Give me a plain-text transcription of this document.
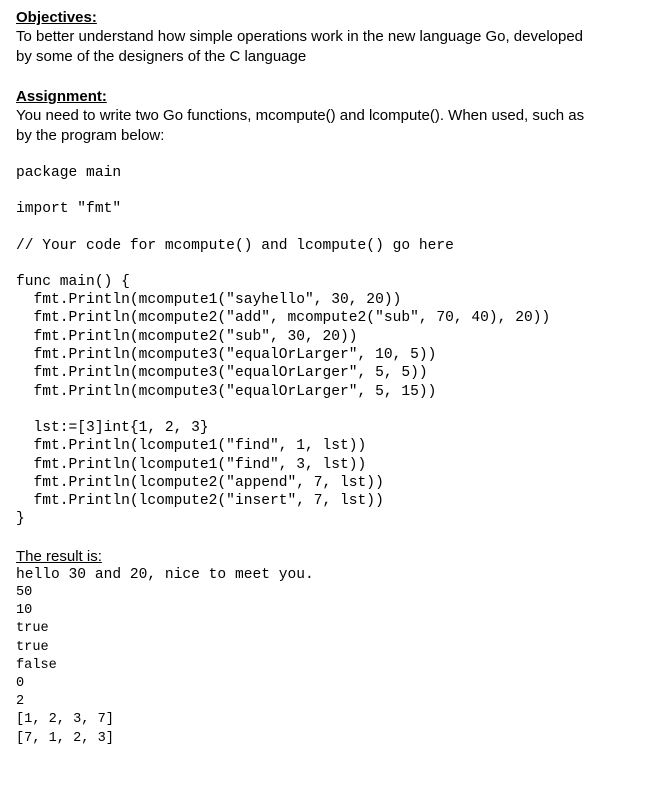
Objectives:

To better understand how simple operations work in the new language Go, developed

by some of the designers of the C language

Assignment:

You need to write two Go functions, mcompute() and lcompute(). When used, such as

by the program below:

package main

import "fmt"

// Your code for mcompute() and lcompute() go here

func main() {

fmt.Println(mcompute1("sayhello", 30, 20))

fmt.Println(mcompute2("add", mcompute2("sub", 70, 40), 20))

fmt.Println(mcompute2("sub", 30, 20))

fmt.Println(mcompute3("equalOrLarger", 10, 5))

fmt.Println(mcompute3("equalOrLarger", 5, 5))

fmt.Println(mcompute3("equalOrLarger", 5, 15))

lst:=[3]int{1, 2, 3}

fmt.Println(lcompute1("find", 1, lst))

fmt.Println(lcompute1("find", 3, lst))

fmt.Println(lcompute2("append", 7, lst))

fmt.Println(lcompute2("insert", 7, lst))

}

The result is:

hello 30 and 20, nice to meet you.

50

10

true

true

false

0

2

[1, 2, 3, 7]

[7, 1, 2, 3]
